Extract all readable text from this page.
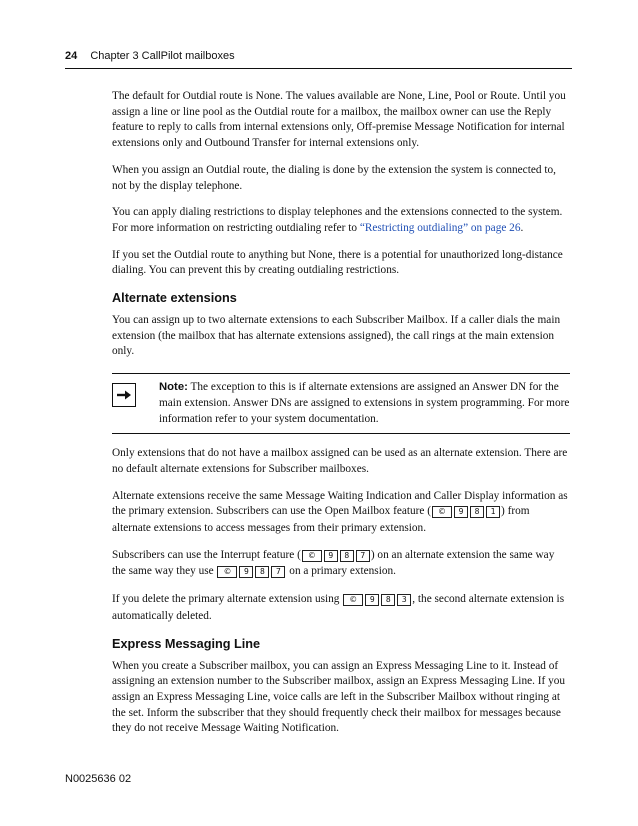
24 Chapter 3 CallPilot mailboxes

The default for Outdial route is None. The values available are None, Line, Pool or Route. Until you assign a line or line pool as the Outdial route for a mailbox, the mailbox owner can use the Reply feature to reply to calls from internal extensions only, Off-premise Message Notification for internal extensions only and Outbound Transfer for internal extensions only.

When you assign an Outdial route, the dialing is done by the extension the system is connected to, not by the display telephone.

You can apply dialing restrictions to display telephones and the extensions connected to the system. For more information on restricting outdialing refer to “Restricting outdialing” on page 26.

If you set the Outdial route to anything but None, there is a potential for unauthorized long-distance dialing. You can prevent this by creating outdialing restrictions.

Alternate extensions

You can assign up to two alternate extensions to each Subscriber Mailbox. If a caller dials the main extension (the mailbox that has alternate extensions assigned), the call rings at the main extension only.

Note: The exception to this is if alternate extensions are assigned an Answer DN for the main extension. Answer DNs are assigned to extensions in system programming. For more information refer to your system documentation.

Only extensions that do not have a mailbox assigned can be used as an alternate extension. There are no default alternate extensions for Subscriber mailboxes.

Alternate extensions receive the same Message Waiting Indication and Caller Display information as the primary extension. Subscribers can use the Open Mailbox feature ( © 9 8 1 ) from alternate extensions to access messages from their primary extension.

Subscribers can use the Interrupt feature ( © 9 8 7 ) on an alternate extension the same way the same way they use © 9 8 7 on a primary extension.

If you delete the primary alternate extension using © 9 8 3 , the second alternate extension is automatically deleted.

Express Messaging Line

When you create a Subscriber mailbox, you can assign an Express Messaging Line to it. Instead of assigning an extension number to the Subscriber mailbox, assign an Express Messaging Line. If you assign an Express Messaging Line, voice calls are left in the Subscriber Mailbox without ringing at the set. Inform the subscriber that they should frequently check their mailbox for messages because they do not receive Message Waiting Notification.

N0025636 02
